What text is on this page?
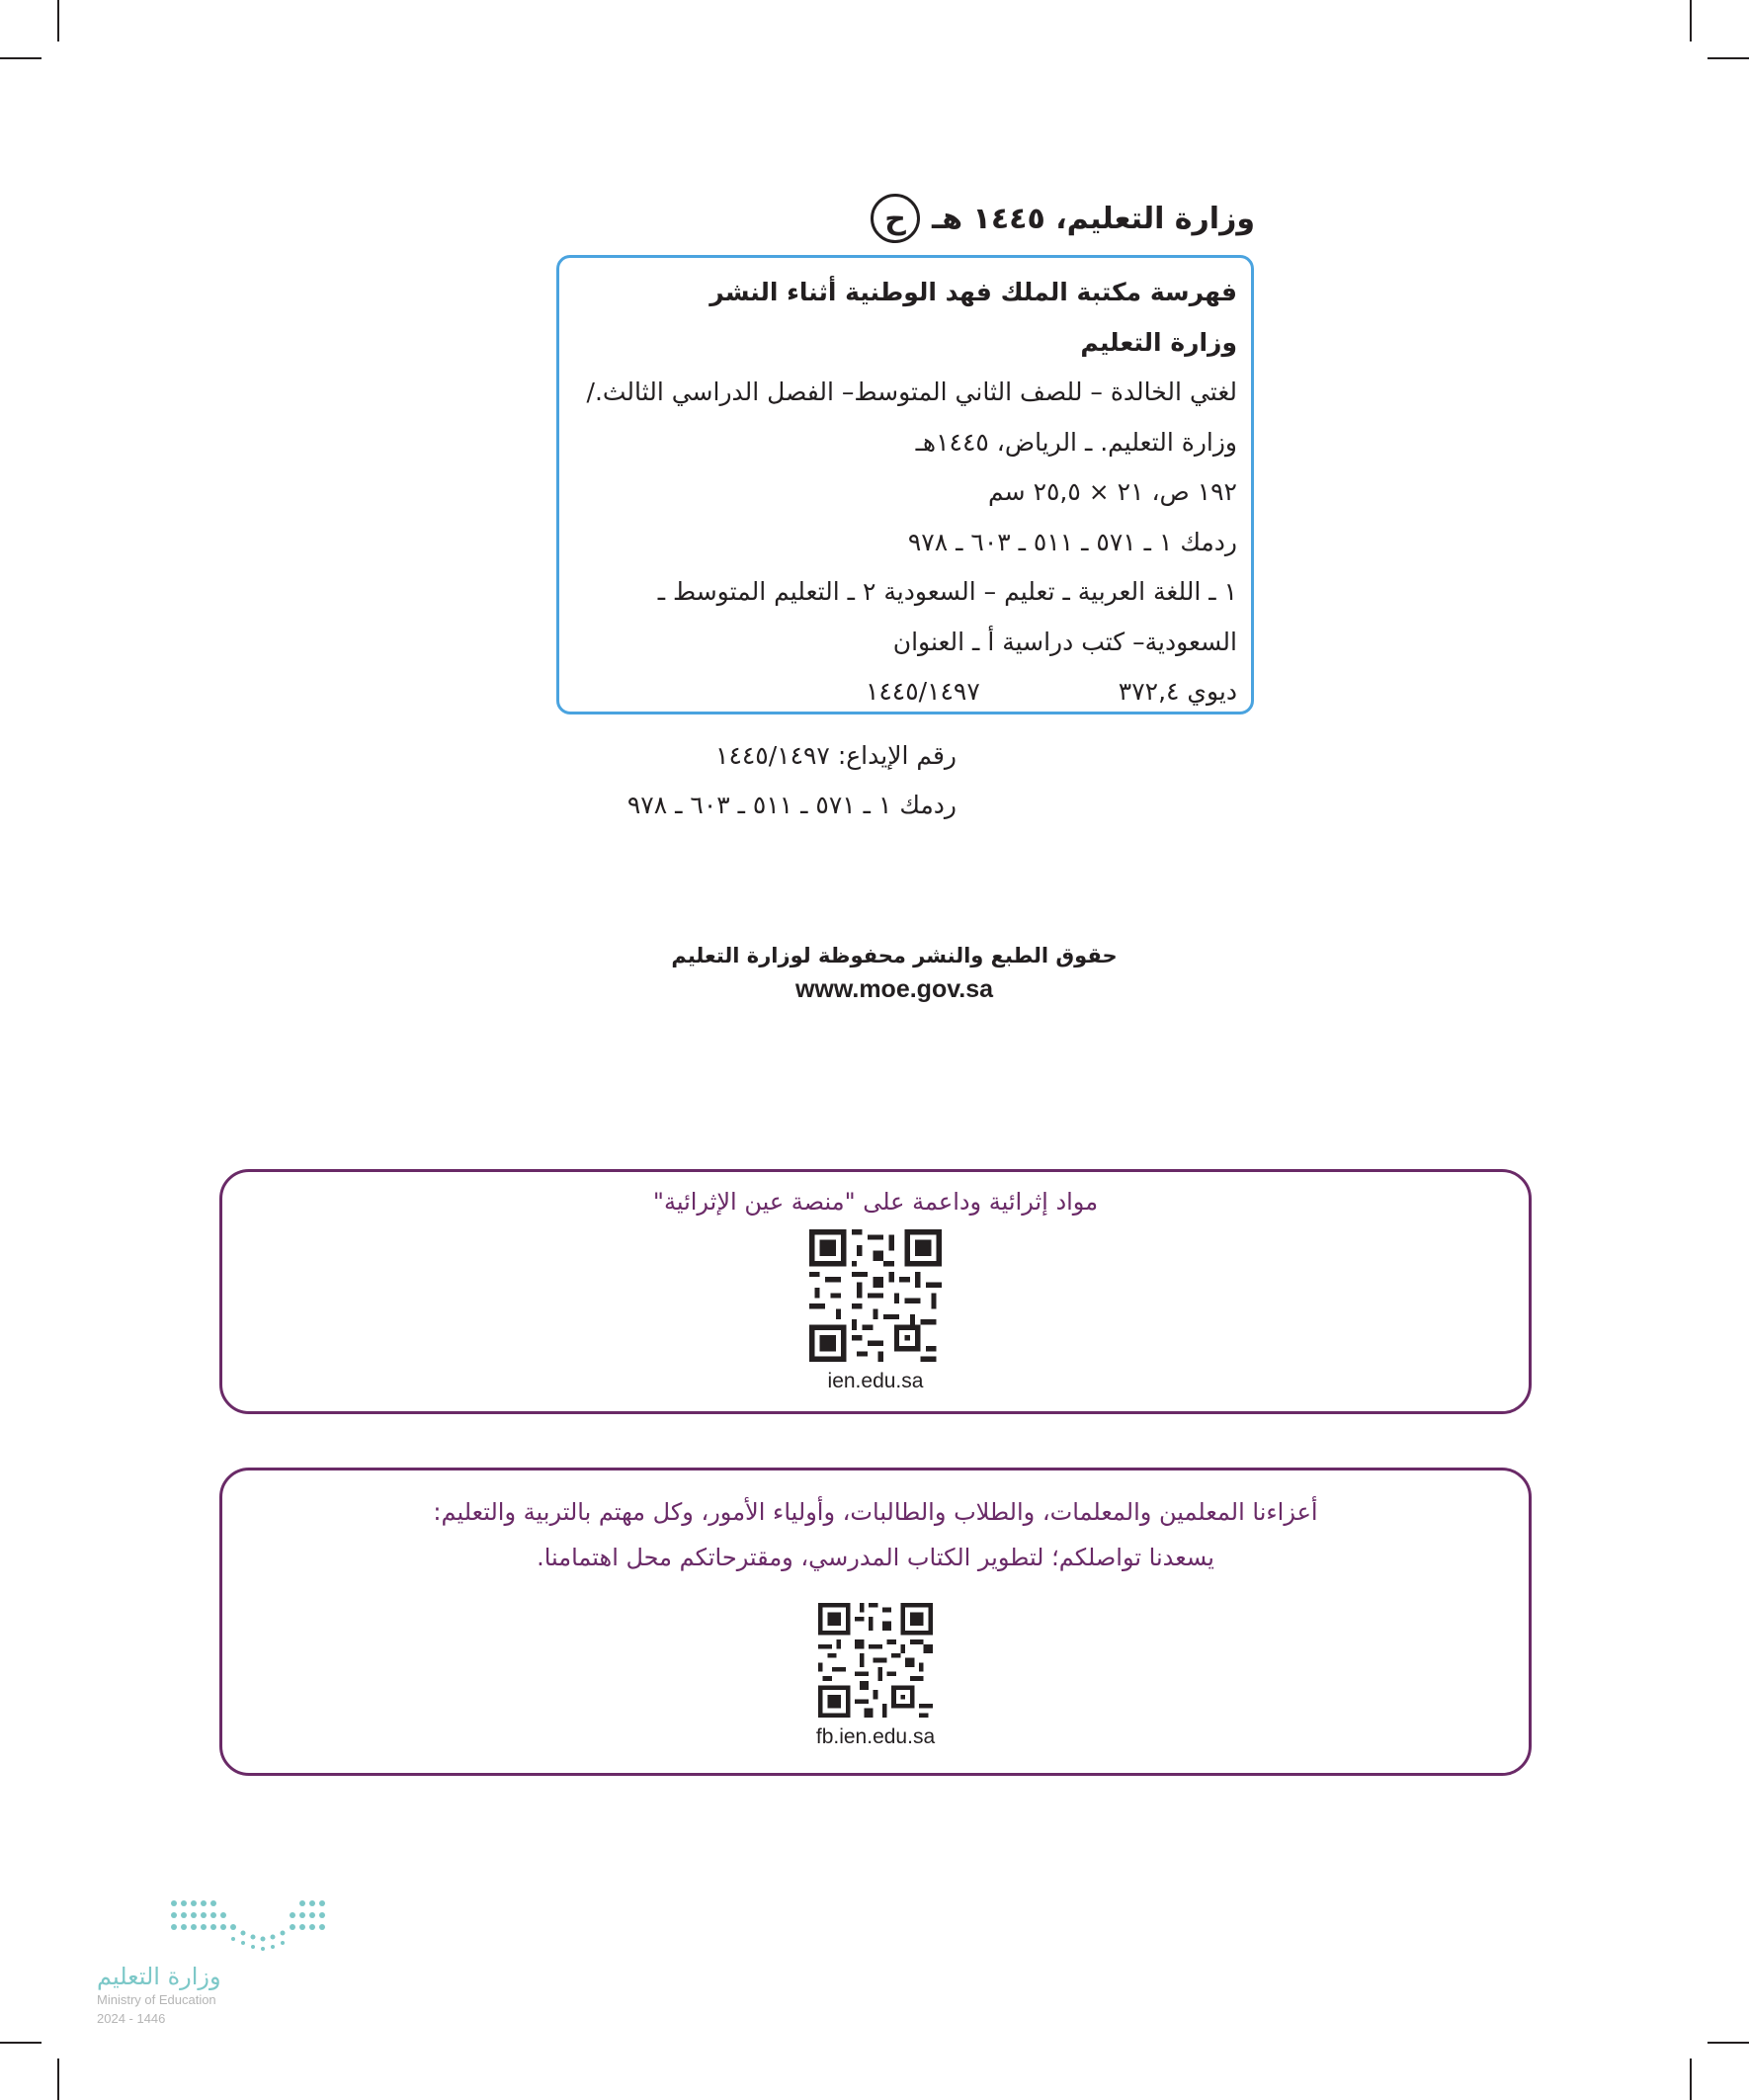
ح وزارة التعليم، ١٤٤٥ هـ
فهرسة مكتبة الملك فهد الوطنية أثناء النشر
وزارة التعليم
لغتي الخالدة – للصف الثاني المتوسط– الفصل الدراسي الثالث./
وزارة التعليم. ـ الرياض، ١٤٤٥هـ
١٩٢ ص، ٢١ × ٢٥,٥ سم
ردمك ١ ـ ٥٧١ ـ ٥١١ ـ ٦٠٣ ـ ٩٧٨
١ ـ اللغة العربية ـ تعليم – السعودية ٢ ـ التعليم المتوسط ـ
السعودية– كتب دراسية أ ـ العنوان
ديوي ٣٧٢,٤
١٤٤٥/١٤٩٧
رقم الإيداع: ١٤٤٥/١٤٩٧
ردمك ١ ـ ٥٧١ ـ ٥١١ ـ ٦٠٣ ـ ٩٧٨
حقوق الطبع والنشر محفوظة لوزارة التعليم
www.moe.gov.sa
مواد إثرائية وداعمة على "منصة عين الإثرائية"
ien.edu.sa
أعزاءنا المعلمين والمعلمات، والطلاب والطالبات، وأولياء الأمور، وكل مهتم بالتربية والتعليم:
يسعدنا تواصلكم؛ لتطوير الكتاب المدرسي، ومقترحاتكم محل اهتمامنا.
fb.ien.edu.sa
وزارة التعليم
Ministry of Education
2024 - 1446
